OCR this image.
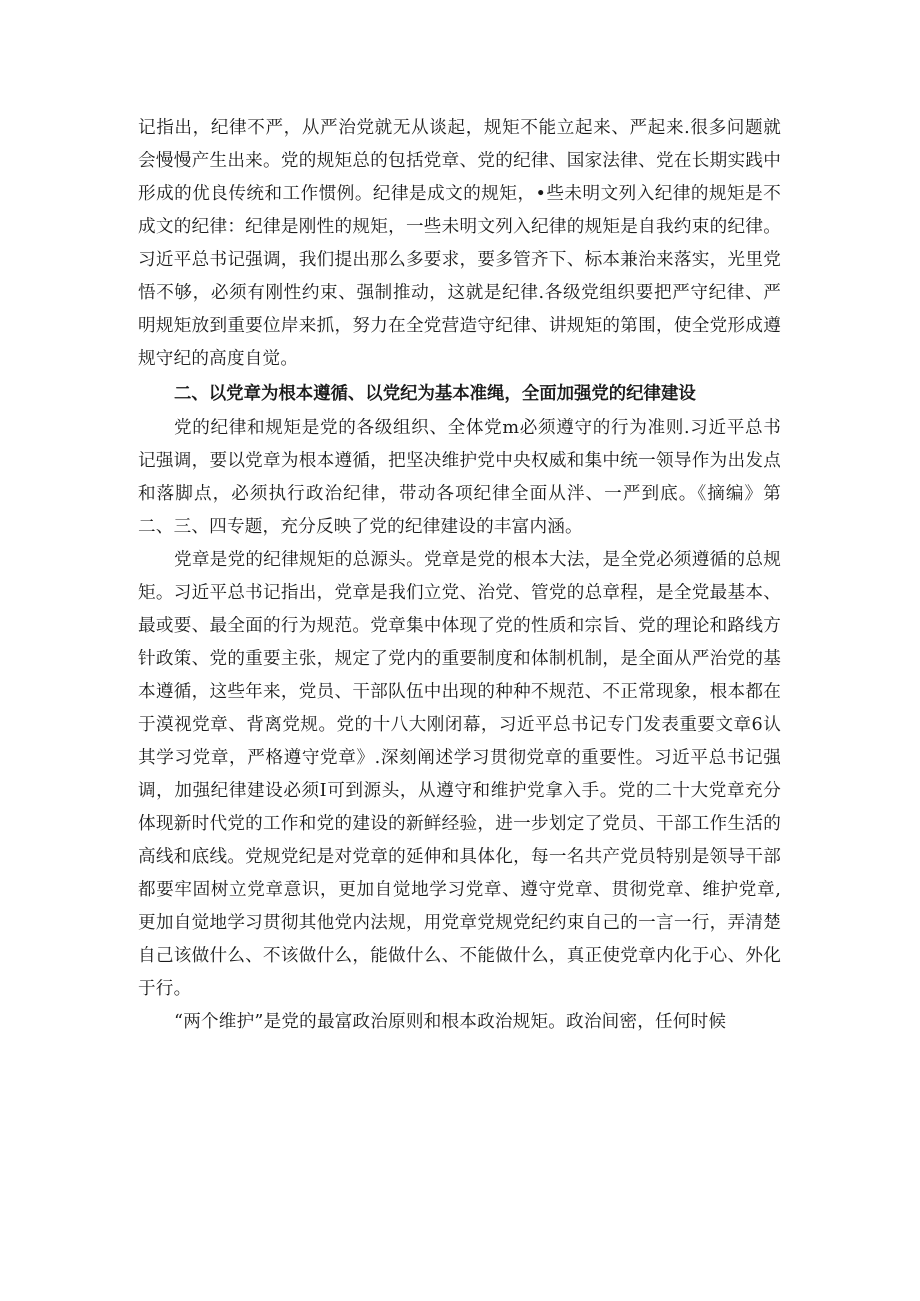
记指出，纪律不严，从严治党就无从谈起，规矩不能立起来、严起来.很多问题就会慢慢产生出来。党的规矩总的包括党章、党的纪律、国家法律、党在长期实践中形成的优良传统和工作惯例。纪律是成文的规矩，•些未明文列入纪律的规矩是不成文的纪律：纪律是刚性的规矩，一些未明文列入纪律的规矩是自我约束的纪律。习近平总书记强调，我们提出那么多要求，要多管齐下、标本兼治来落实，光里党悟不够，必须有刚性约束、强制推动，这就是纪律.各级党组织要把严守纪律、严明规矩放到重要位岸来抓，努力在全党营造守纪律、讲规矩的第围，使全党形成遵规守纪的高度自觉。

二、以党章为根本遵循、以党纪为基本准绳，全面加强党的纪律建设

党的纪律和规矩是党的各级组织、全体党m必须遵守的行为准则.习近平总书记强调，要以党章为根本遵循，把坚决维护党中央权威和集中统一领导作为出发点和落脚点，必须执行政治纪律，带动各项纪律全面从泮、一严到底。《摘编》第二、三、四专题，充分反映了党的纪律建设的丰富内涵。

党章是党的纪律规矩的总源头。党章是党的根本大法，是全党必须遵循的总规矩。习近平总书记指出，党章是我们立党、治党、管党的总章程，是全党最基本、最或要、最全面的行为规范。党章集中体现了党的性质和宗旨、党的理论和路线方针政策、党的重要主张，规定了党内的重要制度和体制机制，是全面从严治党的基本遵循，这些年来，党员、干部队伍中出现的种种不规范、不正常现象，根本都在于漠视党章、背离党规。党的十八大刚闭幕，习近平总书记专门发表重要文章6认其学习党章，严格遵守党章》.深刻阐述学习贯彻党章的重要性。习近平总书记强调，加强纪律建设必须I可到源头，从遵守和维护党拿入手。党的二十大党章充分体现新时代党的工作和党的建设的新鲜经验，进一步划定了党员、干部工作生活的高线和底线。党规党纪是对党章的延伸和具体化，每一名共产党员特别是领导干部都要牢固树立党章意识，更加自觉地学习党章、遵守党章、贯彻党章、维护党章,更加自觉地学习贯彻其他党内法规，用党章党规党纪约束自己的一言一行，弄清楚自己该做什么、不该做什么，能做什么、不能做什么，真正使党章内化于心、外化于行。

“两个维护”是党的最富政治原则和根本政治规矩。政治间密，任何时候
